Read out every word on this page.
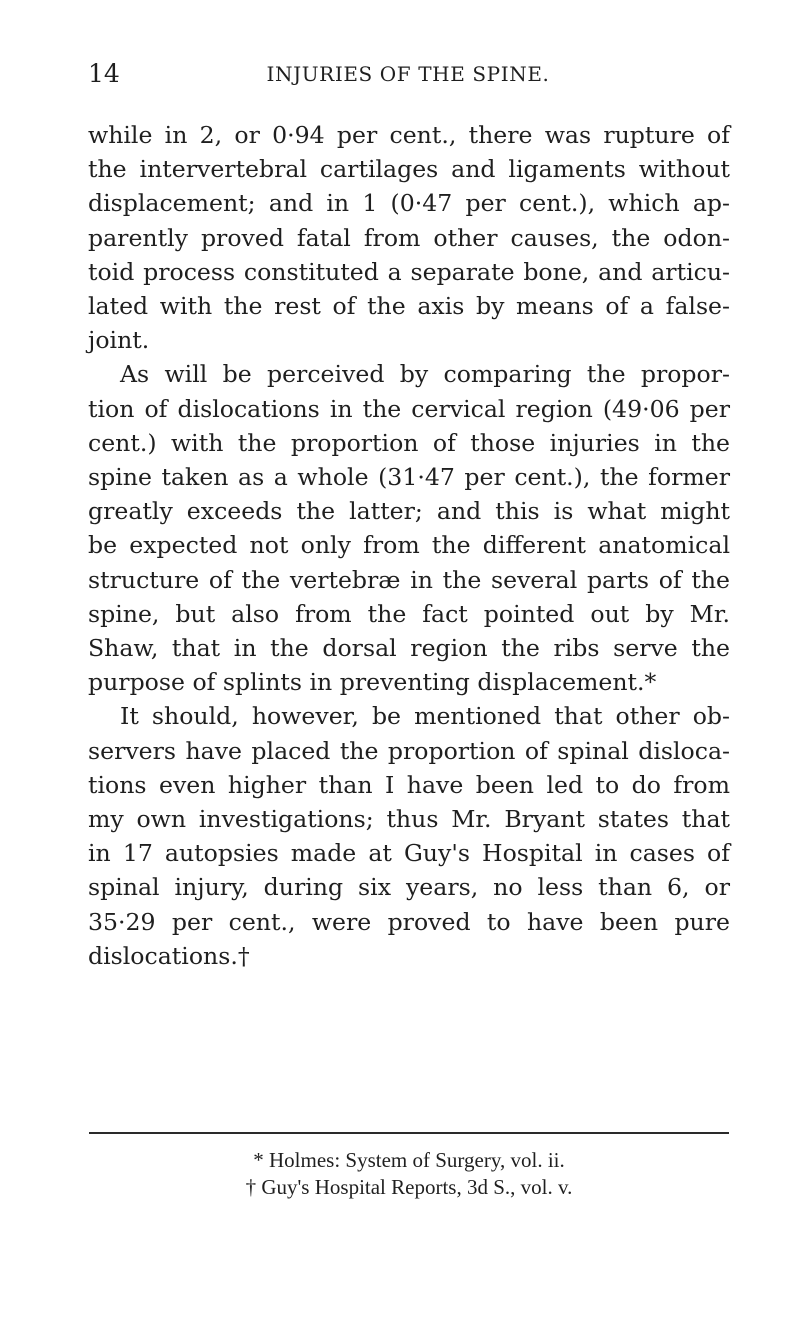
14	INJURIES OF THE SPINE.
while in 2, or 0·94 per cent., there was rupture of
the intervertebral cartilages and ligaments without
displacement; and in 1 (0·47 per cent.), which ap-
parently proved fatal from other causes, the odon-
toid process constituted a separate bone, and articu-
lated with the rest of the axis by means of a false-
joint.
As will be perceived by comparing the propor-
tion of dislocations in the cervical region (49·06 per
cent.) with the proportion of those injuries in the
spine taken as a whole (31·47 per cent.), the former
greatly exceeds the latter; and this is what might
be expected not only from the different anatomical
structure of the vertebræ in the several parts of the
spine, but also from the fact pointed out by Mr.
Shaw, that in the dorsal region the ribs serve the
purpose of splints in preventing displacement.*
It should, however, be mentioned that other ob-
servers have placed the proportion of spinal disloca-
tions even higher than I have been led to do from
my own investigations; thus Mr. Bryant states that
in 17 autopsies made at Guy's Hospital in cases of
spinal injury, during six years, no less than 6, or
35·29 per cent., were proved to have been pure
dislocations.†
* Holmes: System of Surgery, vol. ii.
† Guy's Hospital Reports, 3d S., vol. v.
